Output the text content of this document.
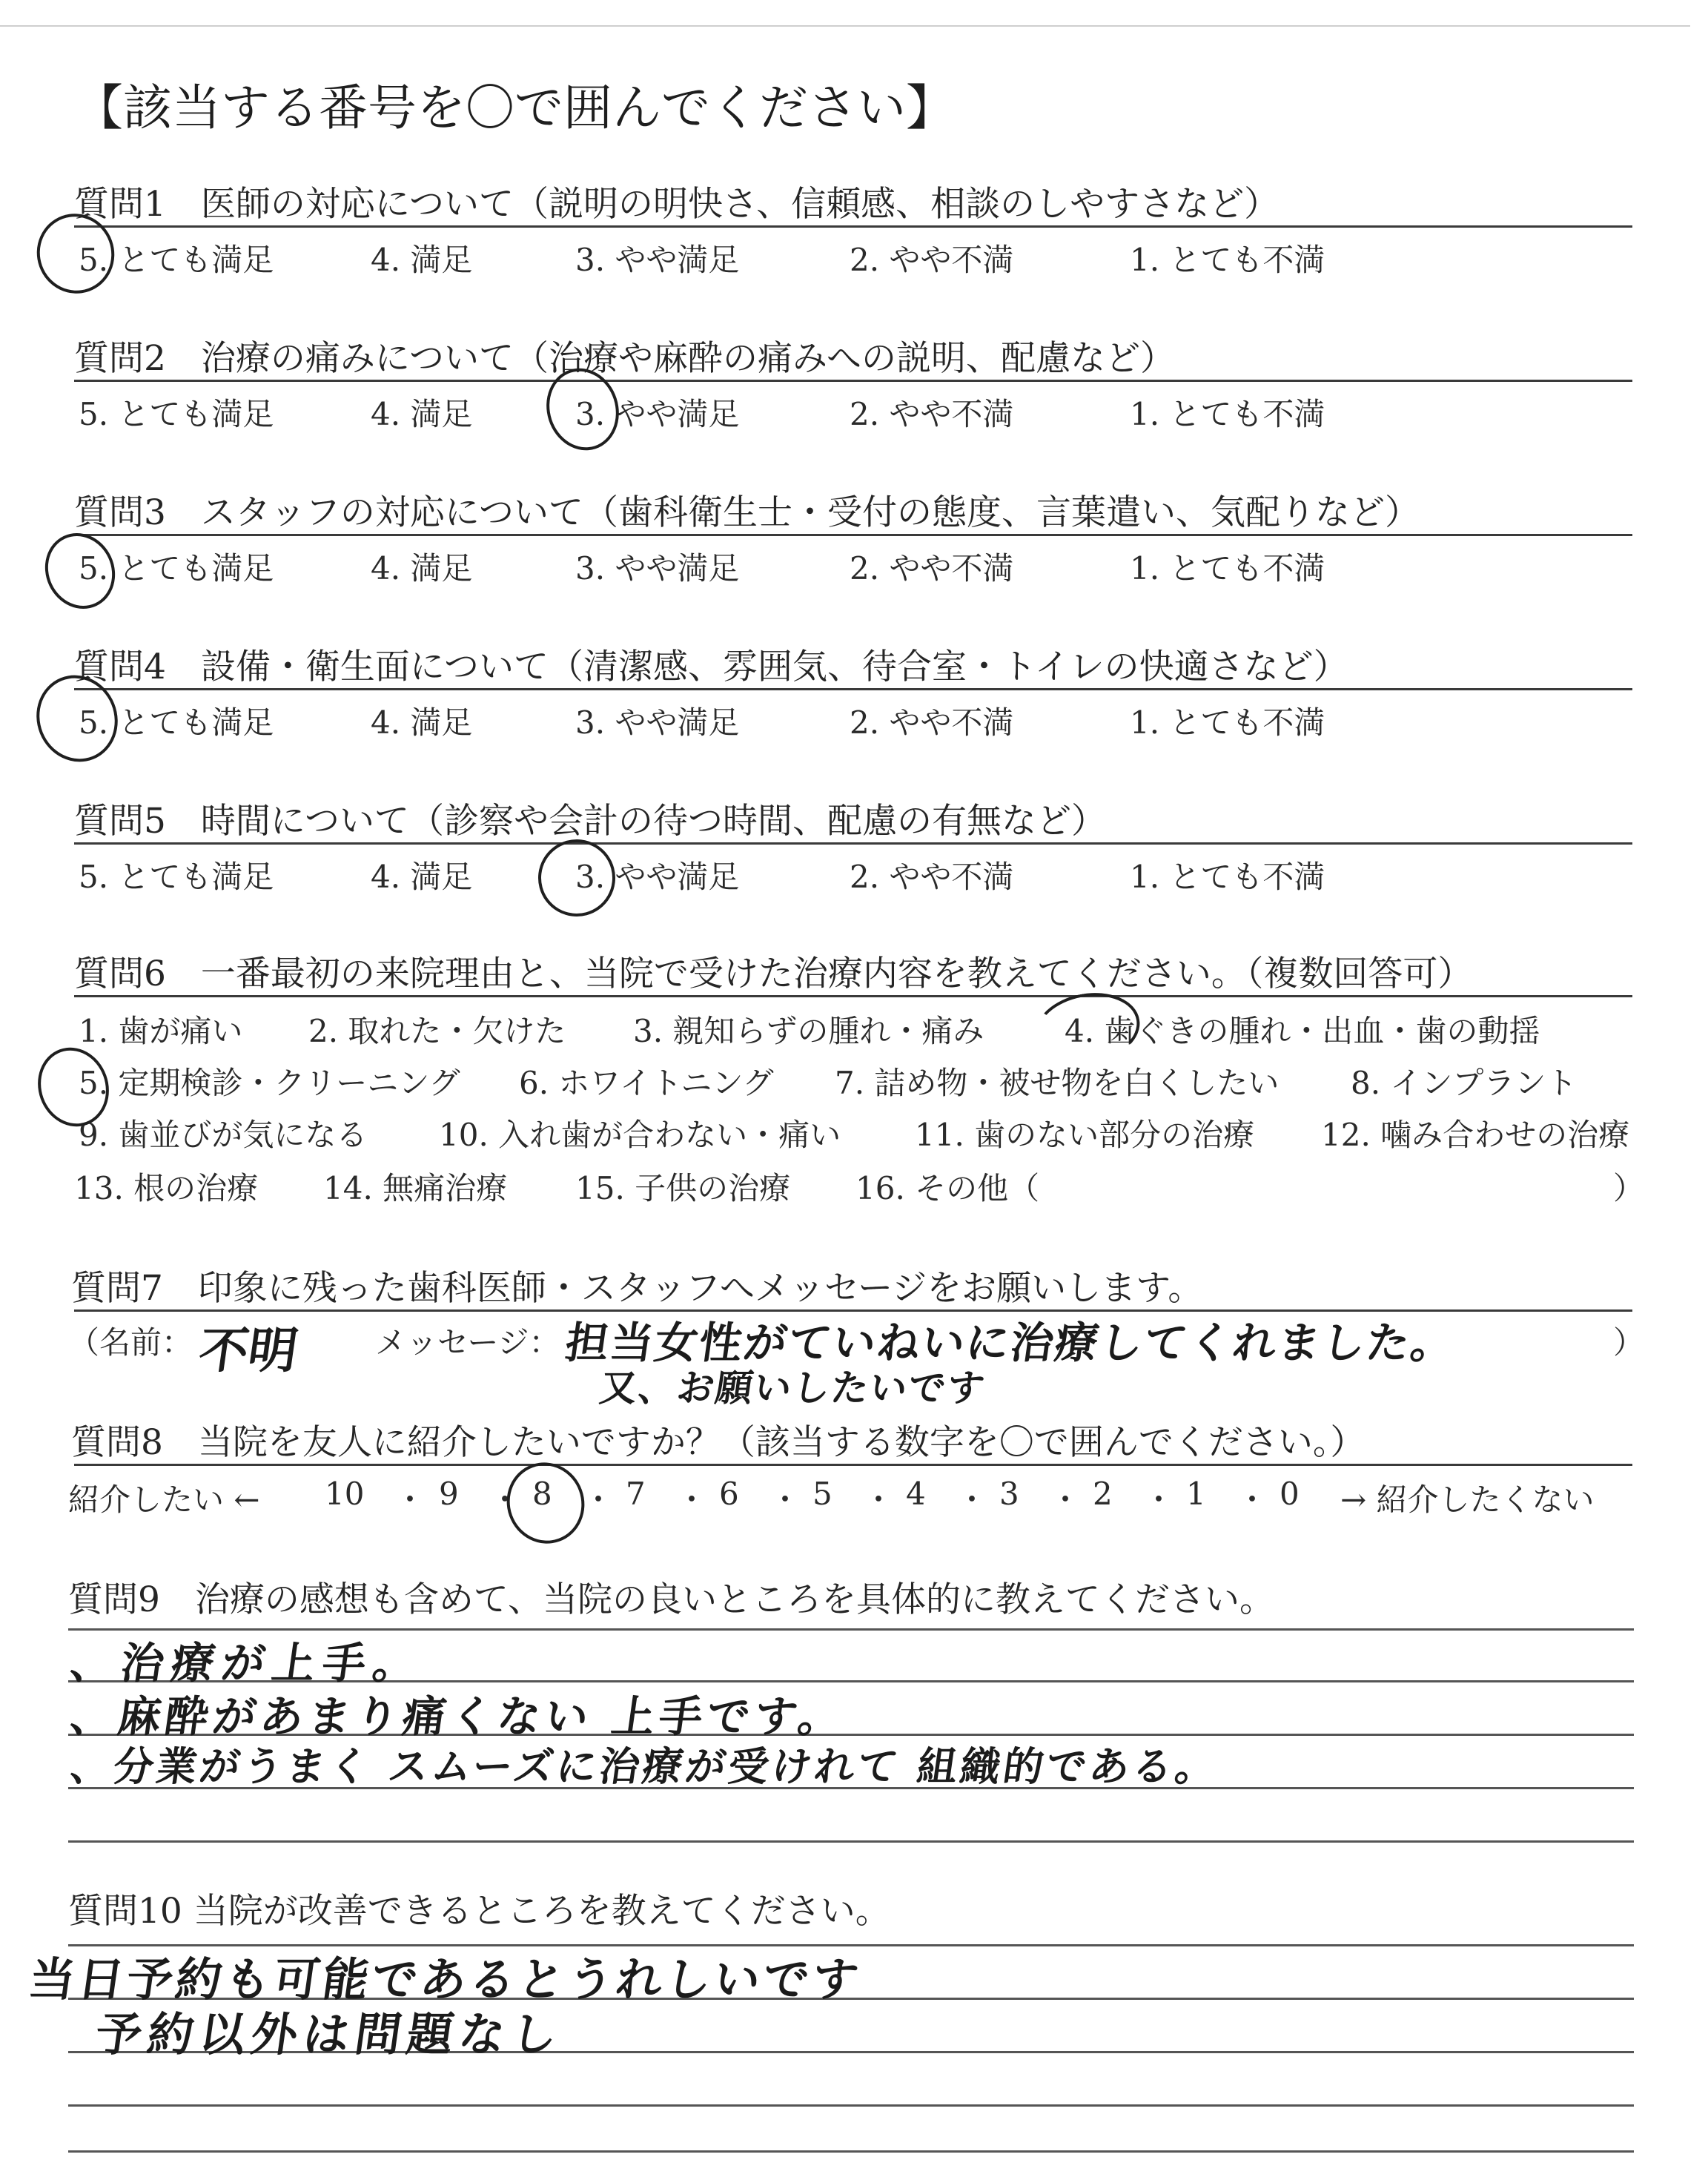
【該当する番号を〇で囲んでください】
質問1　医師の対応について（説明の明快さ、信頼感、相談のしやすさなど）
5. とても満足	4. 満足	3. やや満足	2. やや不満	1. とても不満
質問2　治療の痛みについて（治療や麻酔の痛みへの説明、配慮など）
5. とても満足	4. 満足	3. やや満足	2. やや不満	1. とても不満
質問3　スタッフの対応について（歯科衛生士・受付の態度、言葉遣い、気配りなど）
5. とても満足	4. 満足	3. やや満足	2. やや不満	1. とても不満
質問4　設備・衛生面について（清潔感、雰囲気、待合室・トイレの快適さなど）
5. とても満足	4. 満足	3. やや満足	2. やや不満	1. とても不満
質問5　時間について（診察や会計の待つ時間、配慮の有無など）
5. とても満足	4. 満足	3. やや満足	2. やや不満	1. とても不満
質問6　一番最初の来院理由と、当院で受けた治療内容を教えてください。（複数回答可）
1. 歯が痛い 2. 取れた・欠けた 3. 親知らずの腫れ・痛み	4. 歯ぐきの腫れ・出血・歯の動揺
5. 定期検診・クリーニング 6. ホワイトニング 7. 詰め物・被せ物を白くしたい 8. インプラント
9. 歯並びが気になる 10. 入れ歯が合わない・痛い 11. 歯のない部分の治療 12. 噛み合わせの治療
13. 根の治療 14. 無痛治療 15. 子供の治療 16. その他（	）
質問7　印象に残った歯科医師・スタッフへメッセージをお願いします。
（名前： 不明 メッセージ： 担当女性がていねいに治療してくれました。
又、お願いしたいです
）
質問8　当院を友人に紹介したいですか？（該当する数字を〇で囲んでください。）
紹介したい ← 10 ・ 9 ・ 8 ・ 7 ・ 6 ・ 5 ・ 4 ・ 3 ・ 2 ・ 1 ・ 0 → 紹介したくない
質問9　治療の感想も含めて、当院の良いところを具体的に教えてください。
、治療が上手。
、麻酔があまり痛くない 上手です。
、分業がうまく スムーズに治療が受けれて 組織的である。
質問10 当院が改善できるところを教えてください。
当日予約も可能であるとうれしいです
予約以外は問題なし
